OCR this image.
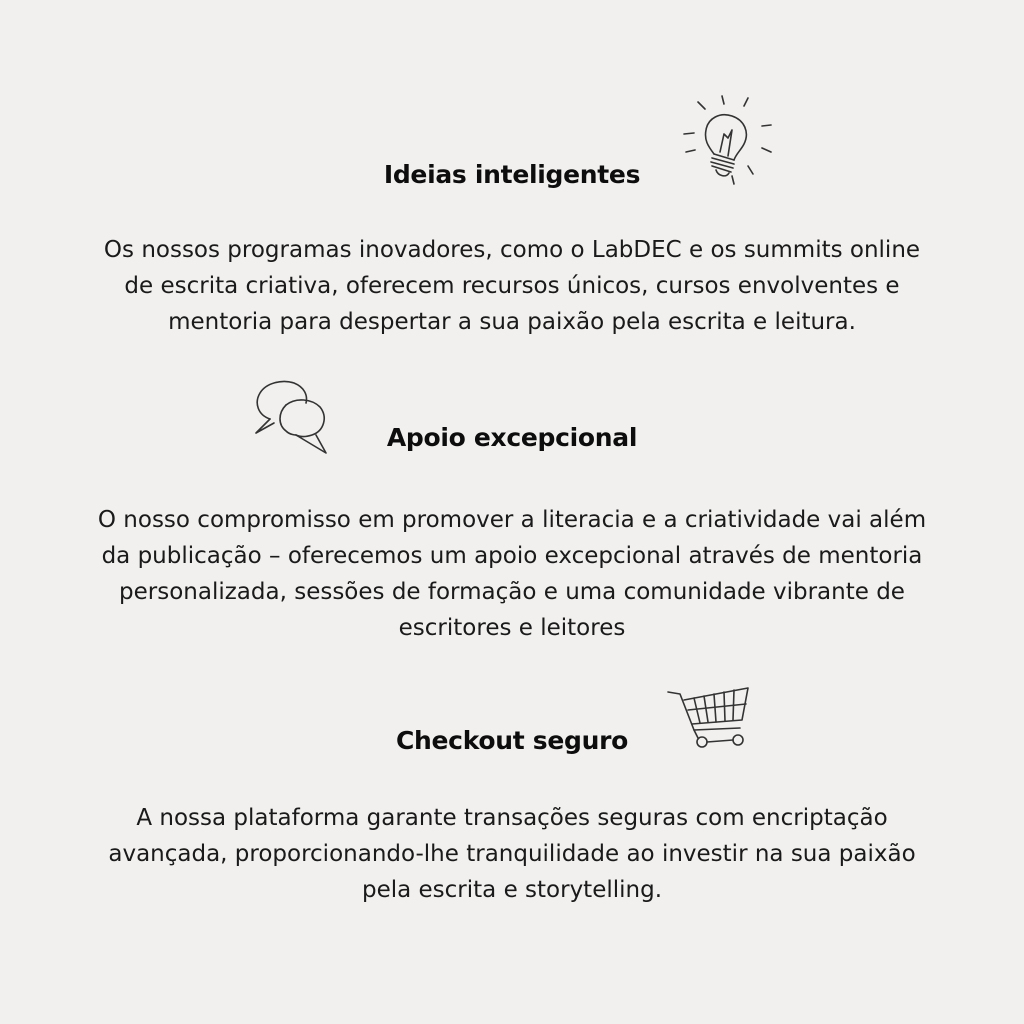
Ideias inteligentes
Os nossos programas inovadores, como o LabDEC e os summits online de escrita criativa, oferecem recursos únicos, cursos envolventes e mentoria para despertar a sua paixão pela escrita e leitura.
Apoio excepcional
O nosso compromisso em promover a literacia e a criatividade vai além da publicação – oferecemos um apoio excepcional através de mentoria personalizada, sessões de formação e uma comunidade vibrante de escritores e leitores
Checkout seguro
A nossa plataforma garante transações seguras com encriptação avançada, proporcionando-lhe tranquilidade ao investir na sua paixão pela escrita e storytelling.
